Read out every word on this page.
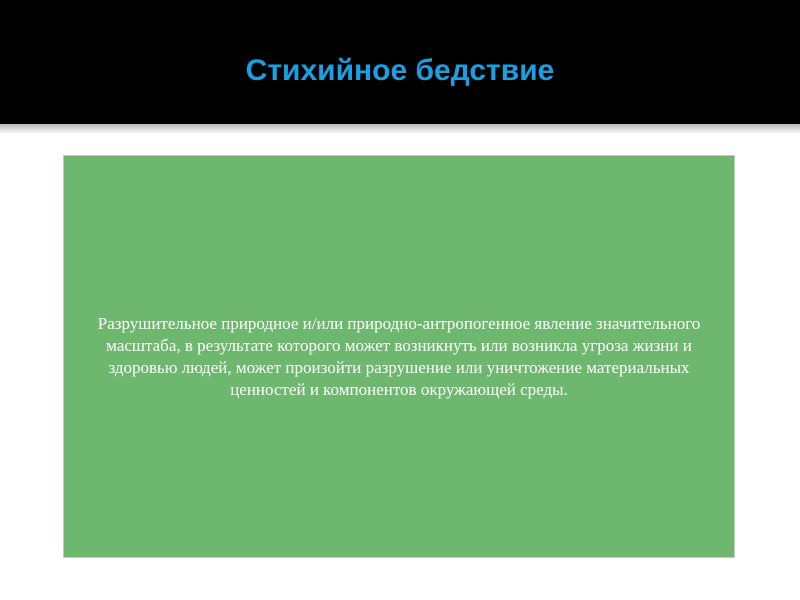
Стихийное бедствие

Разрушительное природное и/или природно-антропогенное явление значительного масштаба, в результате которого может возникнуть или возникла угроза жизни и здоровью людей, может произойти разрушение или уничтожение материальных ценностей и компонентов окружающей среды.
